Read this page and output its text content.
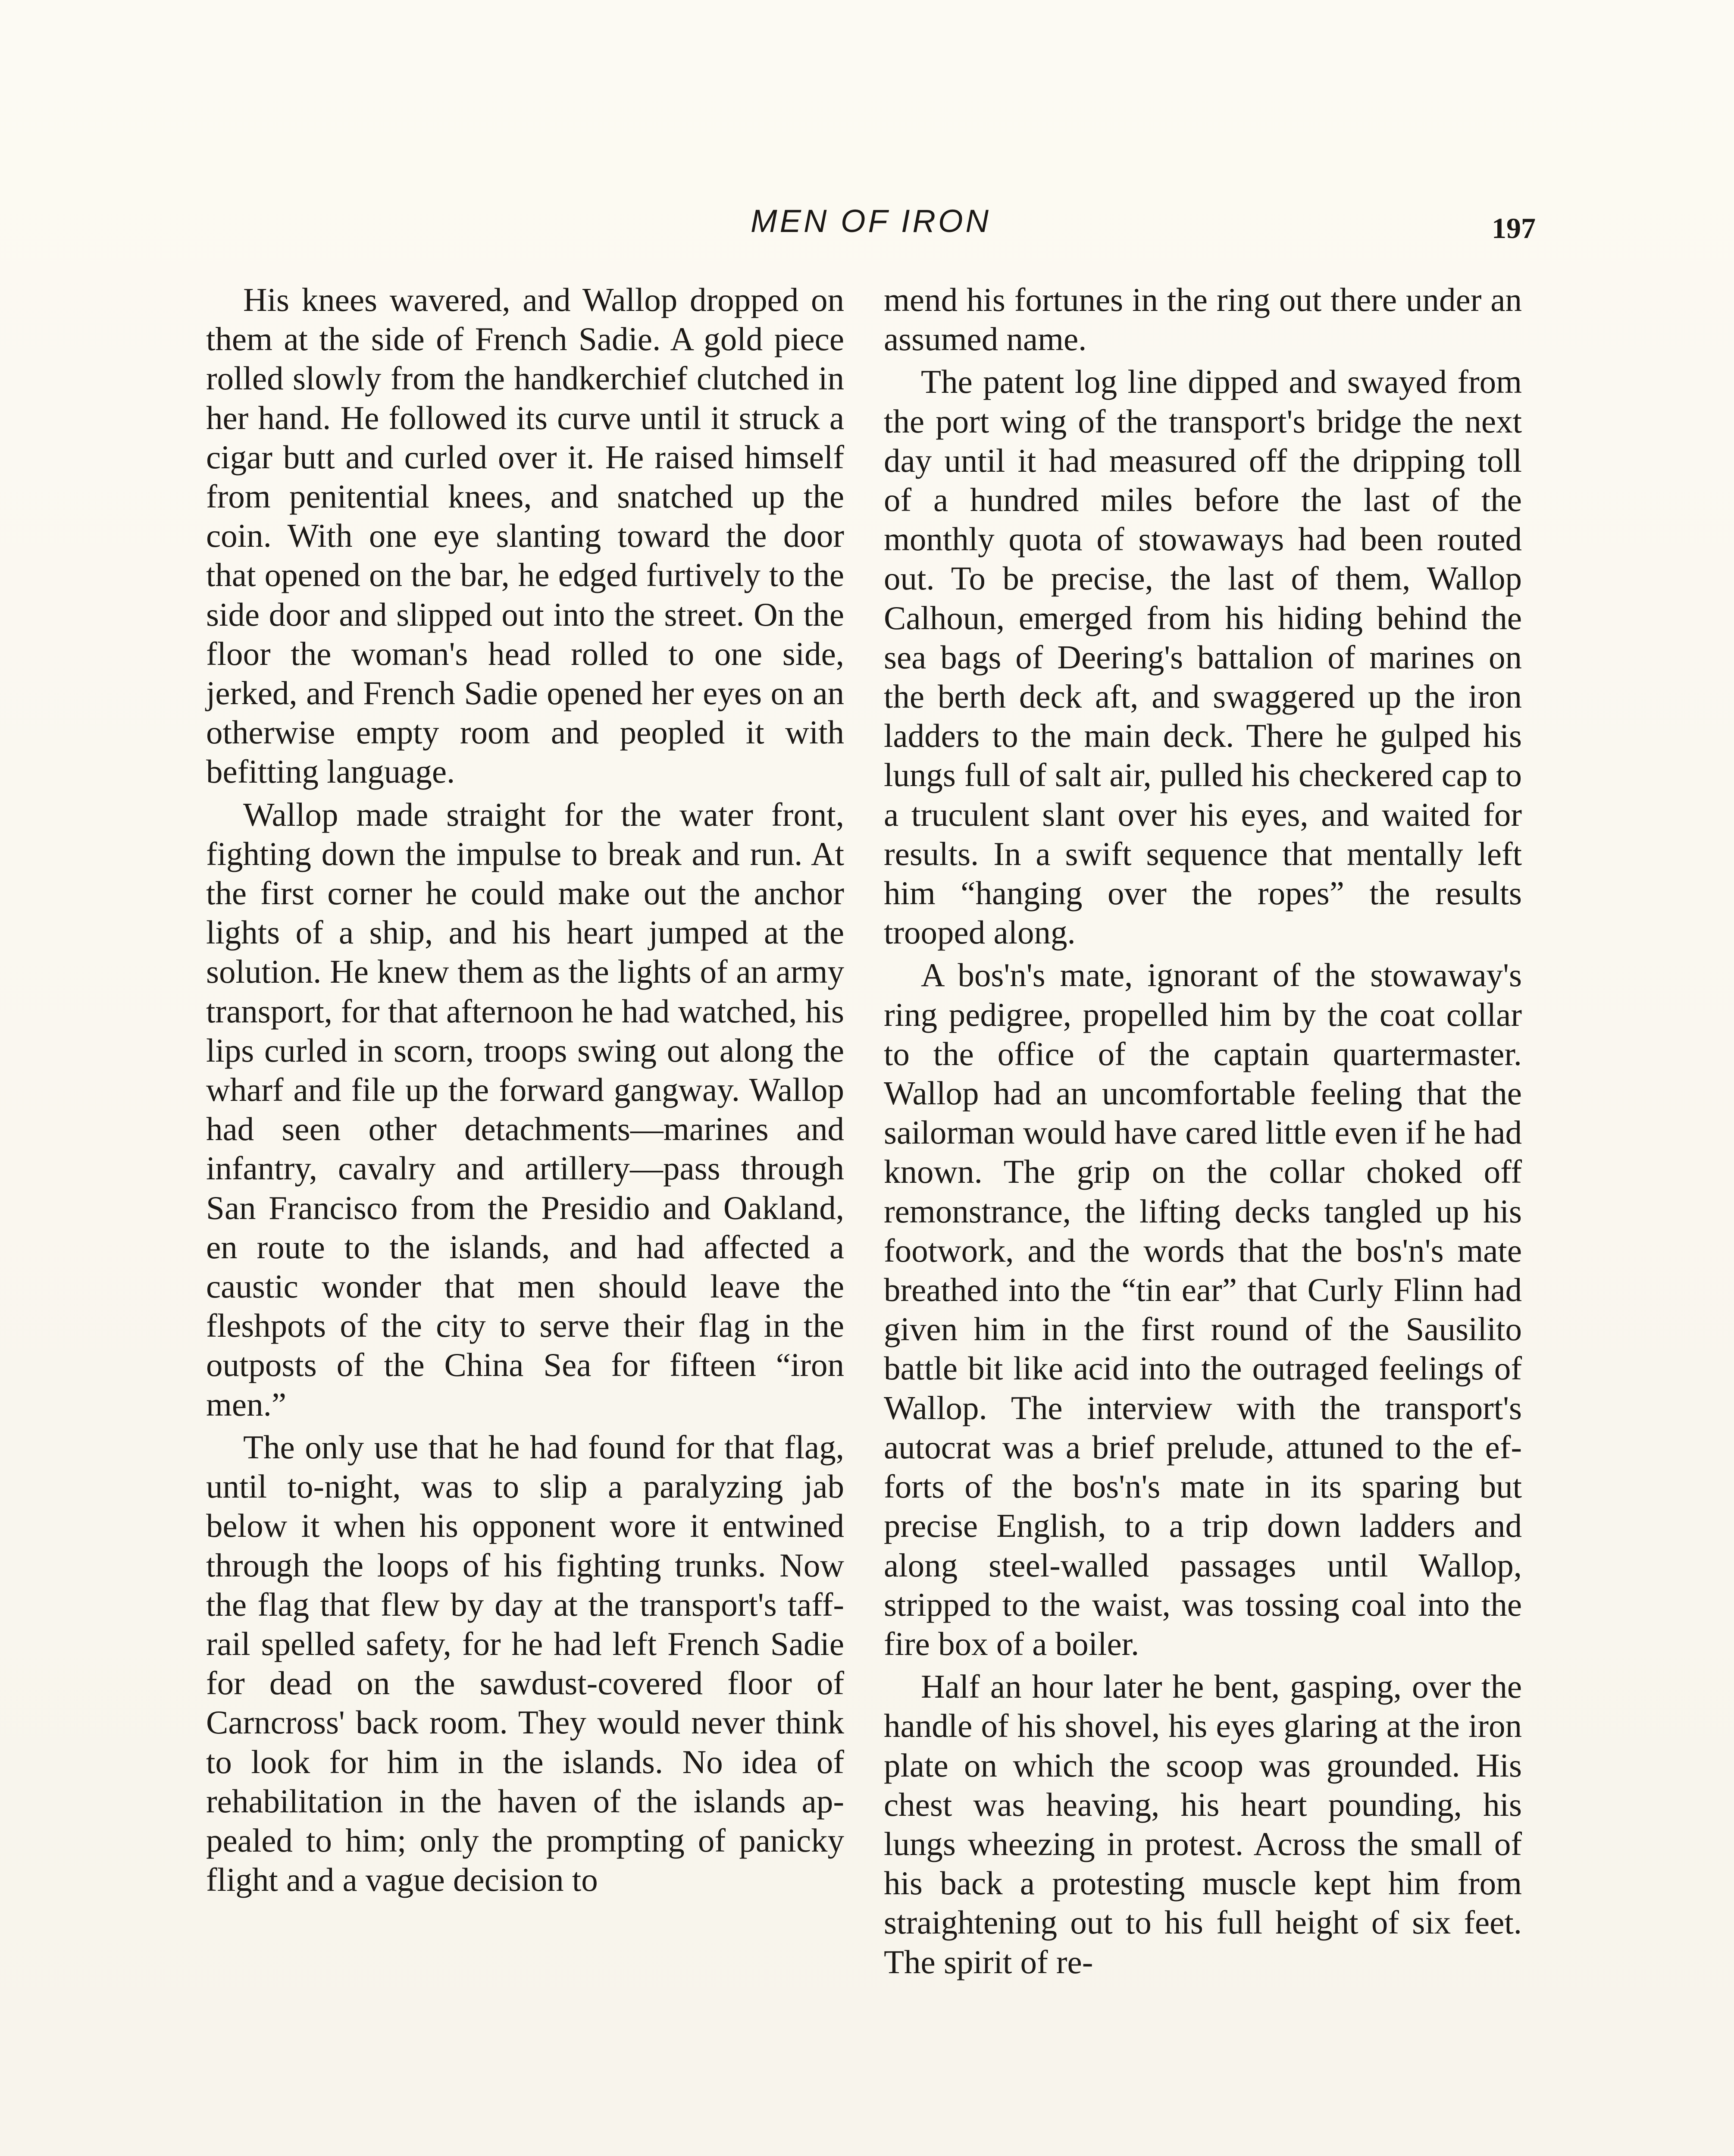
MEN OF IRON	197

His knees wavered, and Wallop dropped on them at the side of French Sadie. A gold piece rolled slowly from the handkerchief clutched in her hand. He followed its curve until it struck a cigar butt and curled over it. He raised himself from penitential knees, and snatched up the coin. With one eye slanting toward the door that opened on the bar, he edged furtively to the side door and slipped out into the street. On the floor the woman's head rolled to one side, jerked, and French Sadie opened her eyes on an otherwise empty room and peopled it with befitting language.

Wallop made straight for the water front, fighting down the impulse to break and run. At the first corner he could make out the anchor lights of a ship, and his heart jumped at the solution. He knew them as the lights of an army transport, for that afternoon he had watched, his lips curled in scorn, troops swing out along the wharf and file up the forward gangway. Wallop had seen other detachments—marines and infantry, cavalry and artillery—pass through San Francisco from the Presidio and Oakland, en route to the islands, and had affected a caustic wonder that men should leave the fleshpots of the city to serve their flag in the outposts of the China Sea for fifteen “iron men.”

The only use that he had found for that flag, until to-night, was to slip a paralyzing jab below it when his opponent wore it entwined through the loops of his fighting trunks. Now the flag that flew by day at the transport's taffrail spelled safety, for he had left French Sadie for dead on the sawdust-covered floor of Carncross' back room. They would never think to look for him in the islands. No idea of rehabilitation in the haven of the islands appealed to him; only the prompting of panicky flight and a vague decision to

mend his fortunes in the ring out there under an assumed name.

The patent log line dipped and swayed from the port wing of the transport's bridge the next day until it had measured off the dripping toll of a hundred miles before the last of the monthly quota of stowaways had been routed out. To be precise, the last of them, Wallop Calhoun, emerged from his hiding behind the sea bags of Deering's battalion of marines on the berth deck aft, and swaggered up the iron ladders to the main deck. There he gulped his lungs full of salt air, pulled his checkered cap to a truculent slant over his eyes, and waited for results. In a swift sequence that mentally left him “hanging over the ropes” the results trooped along.

A bos'n's mate, ignorant of the stowaway's ring pedigree, propelled him by the coat collar to the office of the captain quartermaster. Wallop had an uncomfortable feeling that the sailorman would have cared little even if he had known. The grip on the collar choked off remonstrance, the lifting decks tangled up his footwork, and the words that the bos'n's mate breathed into the “tin ear” that Curly Flinn had given him in the first round of the Sausilito battle bit like acid into the outraged feelings of Wallop. The interview with the transport's autocrat was a brief prelude, attuned to the efforts of the bos'n's mate in its sparing but precise English, to a trip down ladders and along steel-walled passages until Wallop, stripped to the waist, was tossing coal into the fire box of a boiler.

Half an hour later he bent, gasping, over the handle of his shovel, his eyes glaring at the iron plate on which the scoop was grounded. His chest was heaving, his heart pounding, his lungs wheezing in protest. Across the small of his back a protesting muscle kept him from straightening out to his full height of six feet. The spirit of re-
